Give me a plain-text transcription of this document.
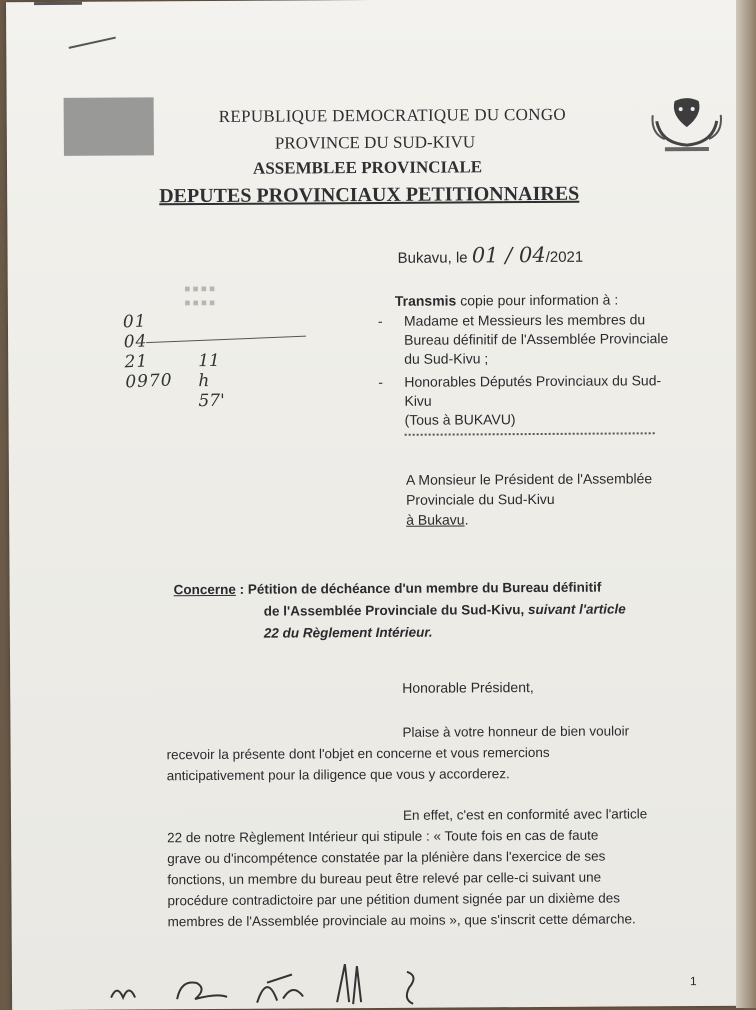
REPUBLIQUE DEMOCRATIQUE DU CONGO
PROVINCE DU SUD-KIVU
ASSEMBLEE PROVINCIALE
DEPUTES PROVINCIAUX PETITIONNAIRES
Bukavu, le 01 / 04/2021
▪▪▪▪ ▪▪▪▪
01 04 21 0970
11 h 57'
Transmis copie pour information à :
- Madame et Messieurs les membres du
Bureau définitif de l'Assemblée Provinciale
du Sud-Kivu ;
- Honorables Députés Provinciaux du Sud-
Kivu
(Tous à BUKAVU)
A Monsieur le Président de l'Assemblée
Provinciale du Sud-Kivu
à Bukavu.
Concerne : Pétition de déchéance d'un membre du Bureau définitif
de l'Assemblée Provinciale du Sud-Kivu, suivant l'article
22 du Règlement Intérieur.
Honorable Président,
Plaise à votre honneur de bien vouloir
recevoir la présente dont l'objet en concerne et vous remercions
anticipativement pour la diligence que vous y accorderez.
En effet, c'est en conformité avec l'article
22 de notre Règlement Intérieur qui stipule : « Toute fois en cas de faute
grave ou d'incompétence constatée par la plénière dans l'exercice de ses
fonctions, un membre du bureau peut être relevé par celle-ci suivant une
procédure contradictoire par une pétition dument signée par un dixième des
membres de l'Assemblée provinciale au moins », que s'inscrit cette démarche.
1
